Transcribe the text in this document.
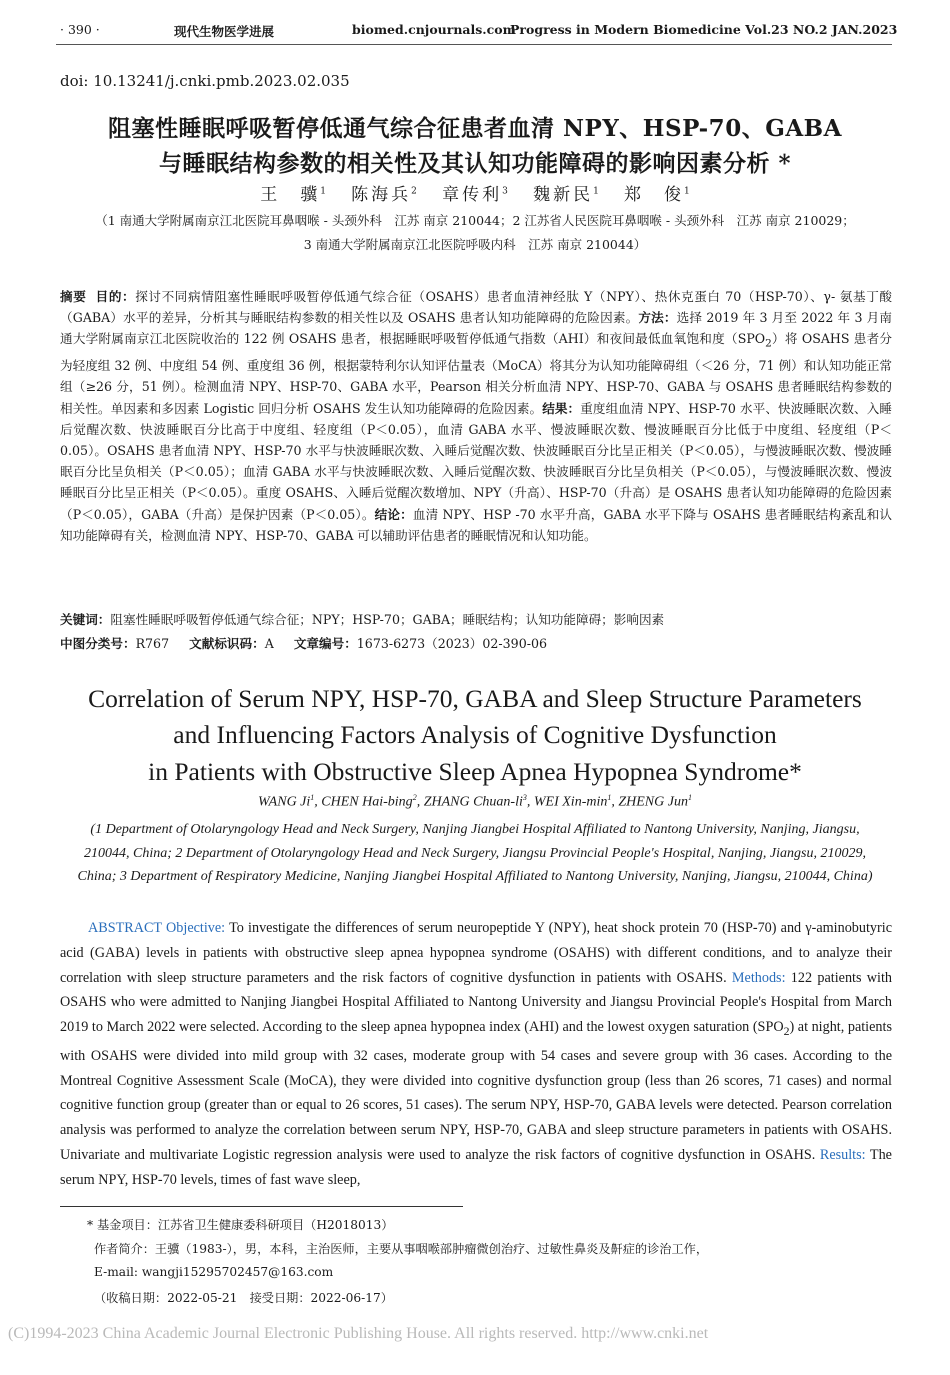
· 390 ·	现代生物医学进展	biomed.cnjournals.com
Progress in Modern Biomedicine Vol.23 NO.2 JAN.2023
doi: 10.13241/j.cnki.pmb.2023.02.035
阻塞性睡眠呼吸暂停低通气综合征患者血清 NPY、HSP-70、GABA
与睡眠结构参数的相关性及其认知功能障碍的影响因素分析 *
王　骥$^1$ 陈海兵$^2$ 章传利$^3$ 魏新民$^1$ 郑　俊$^1$
（1 南通大学附属南京江北医院耳鼻咽喉 - 头颈外科　江苏 南京 210044；2 江苏省人民医院耳鼻咽喉 - 头颈外科　江苏 南京 210029；
3 南通大学附属南京江北医院呼吸内科　江苏 南京 210044）
摘要 目的：探讨不同病情阻塞性睡眠呼吸暂停低通气综合征（OSAHS）患者血清神经肽 Y（NPY）、热休克蛋白 70（HSP-70）、γ- 氨基丁酸（GABA）水平的差异，分析其与睡眠结构参数的相关性以及 OSAHS 患者认知功能障碍的危险因素。方法：选择 2019 年 3 月至 2022 年 3 月南通大学附属南京江北医院收治的 122 例 OSAHS 患者，根据睡眠呼吸暂停低通气指数（AHI）和夜间最低血氧饱和度$(SPO_2)$将 OSAHS 患者分为轻度组 32 例、中度组 54 例、重度组 36 例，根据蒙特利尔认知评估量表（MoCA）将其分为认知功能障碍组（＜26 分，71 例）和认知功能正常组（≥26 分，51 例）。检测血清 NPY、HSP-70、GABA 水平，Pearson 相关分析血清 NPY、HSP-70、GABA 与 OSAHS 患者睡眠结构参数的相关性。单因素和多因素 Logistic 回归分析 OSAHS 发生认知功能障碍的危险因素。结果：重度组血清 NPY、HSP-70 水平、快波睡眠次数、入睡后觉醒次数、快波睡眠百分比高于中度组、轻度组（P＜0.05），血清 GABA 水平、慢波睡眠次数、慢波睡眠百分比低于中度组、轻度组（P＜0.05）。OSAHS 患者血清 NPY、HSP-70 水平与快波睡眠次数、入睡后觉醒次数、快波睡眠百分比呈正相关（P＜0.05），与慢波睡眠次数、慢波睡眠百分比呈负相关（P＜0.05）；血清 GABA 水平与快波睡眠次数、入睡后觉醒次数、快波睡眠百分比呈负相关（P＜0.05），与慢波睡眠次数、慢波睡眠百分比呈正相关（P＜0.05）。重度 OSAHS、入睡后觉醒次数增加、NPY（升高）、HSP-70（升高）是 OSAHS 患者认知功能障碍的危险因素（P＜0.05），GABA（升高）是保护因素（P＜0.05）。结论：血清 NPY、HSP -70 水平升高，GABA 水平下降与 OSAHS 患者睡眠结构紊乱和认知功能障碍有关，检测血清 NPY、HSP-70、GABA 可以辅助评估患者的睡眠情况和认知功能。
关键词：阻塞性睡眠呼吸暂停低通气综合征；NPY；HSP-70；GABA；睡眠结构；认知功能障碍；影响因素
中图分类号：R767 文献标识码：A 文章编号：1673-6273（2023）02-390-06
Correlation of Serum NPY, HSP-70, GABA and Sleep Structure Parameters
and Influencing Factors Analysis of Cognitive Dysfunction
in Patients with Obstructive Sleep Apnea Hypopnea Syndrome*
WANG Ji$^1$, CHEN Hai-bing$^2$, ZHANG Chuan-$li^3$, WEI Xin-$\min^1$, ZHENG Jun$^1$
(1 Department of Otolaryngology Head and Neck Surgery, Nanjing Jiangbei Hospital Affiliated to Nantong University, Nanjing, Jiangsu, 210044, China; 2 Department of Otolaryngology Head and Neck Surgery, Jiangsu Provincial People's Hospital, Nanjing, Jiangsu, 210029, China; 3 Department of Respiratory Medicine, Nanjing Jiangbei Hospital Affiliated to Nantong University, Nanjing, Jiangsu, 210044, China)
ABSTRACT Objective: To investigate the differences of serum neuropeptide Y (NPY), heat shock protein 70 (HSP-70) and γ-aminobutyric acid (GABA) levels in patients with obstructive sleep apnea hypopnea syndrome (OSAHS) with different conditions, and to analyze their correlation with sleep structure parameters and the risk factors of cognitive dysfunction in patients with OSAHS. Methods: 122 patients with OSAHS who were admitted to Nanjing Jiangbei Hospital Affiliated to Nantong University and Jiangsu Provincial People's Hospital from March 2019 to March 2022 were selected. According to the sleep apnea hypopnea index (AHI) and the lowest oxygen saturation $(SPO_2)$ at night, patients with OSAHS were divided into mild group with 32 cases, moderate group with 54 cases and severe group with 36 cases. According to the Montreal Cognitive Assessment Scale (MoCA), they were divided into cognitive dysfunction group (less than 26 scores, 71 cases) and normal cognitive function group (greater than or equal to 26 scores, 51 cases). The serum NPY, HSP-70, GABA levels were detected. Pearson correlation analysis was performed to analyze the correlation between serum NPY, HSP-70, GABA and sleep structure parameters in patients with OSAHS. Univariate and multivariate Logistic regression analysis were used to analyze the risk factors of cognitive dysfunction in OSAHS. Results: The serum NPY, HSP-70 levels, times of fast wave sleep,
* 基金项目：江苏省卫生健康委科研项目（H2018013）
作者简介：王骥（1983-），男，本科，主治医师，主要从事咽喉部肿瘤微创治疗、过敏性鼻炎及鼾症的诊治工作，
E-mail: wangji15295702457@163.com
（收稿日期：2022-05-21　接受日期：2022-06-17）
(C)1994-2023 China Academic Journal Electronic Publishing House. All rights reserved. http://www.cnki.net
